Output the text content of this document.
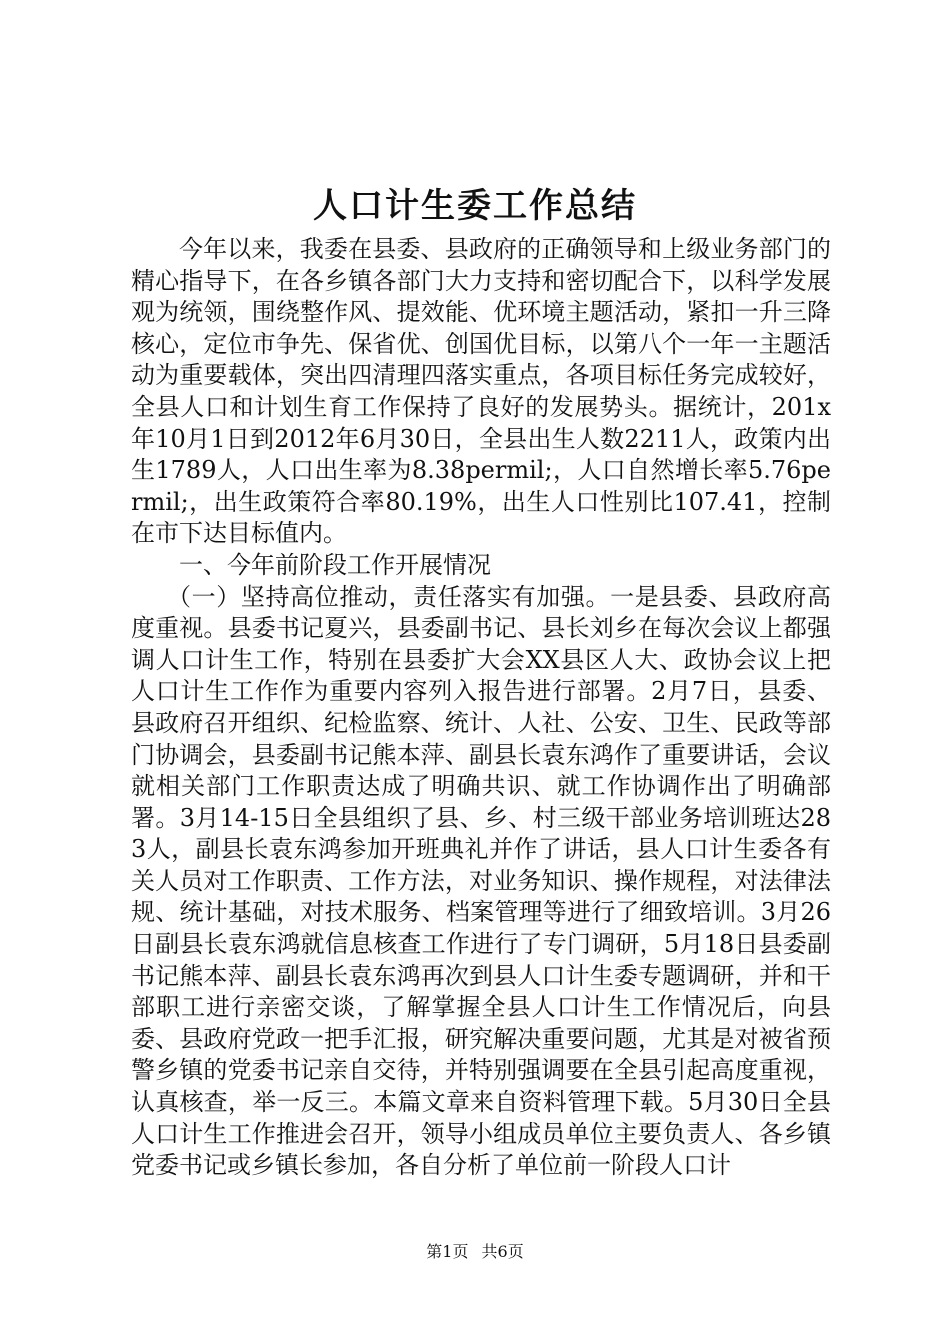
人口计生委工作总结

今年以来，我委在县委、县政府的正确领导和上级业务部门的精心指导下，在各乡镇各部门大力支持和密切配合下，以科学发展观为统领，围绕整作风、提效能、优环境主题活动，紧扣一升三降核心，定位市争先、保省优、创国优目标，以第八个一年一主题活动为重要载体，突出四清理四落实重点，各项目标任务完成较好，全县人口和计划生育工作保持了良好的发展势头。据统计，201x年10月1日到2012年6月30日，全县出生人数2211人，政策内出生1789人，人口出生率为8.38permil;，人口自然增长率5.76permil;，出生政策符合率80.19%，出生人口性别比107.41，控制在市下达目标值内。

一、今年前阶段工作开展情况

（一）坚持高位推动，责任落实有加强。一是县委、县政府高度重视。县委书记夏兴，县委副书记、县长刘乡在每次会议上都强调人口计生工作，特别在县委扩大会XX县区人大、政协会议上把人口计生工作作为重要内容列入报告进行部署。2月7日，县委、县政府召开组织、纪检监察、统计、人社、公安、卫生、民政等部门协调会，县委副书记熊本萍、副县长袁东鸿作了重要讲话，会议就相关部门工作职责达成了明确共识、就工作协调作出了明确部署。3月14-15日全县组织了县、乡、村三级干部业务培训班达283人，副县长袁东鸿参加开班典礼并作了讲话，县人口计生委各有关人员对工作职责、工作方法，对业务知识、操作规程，对法律法规、统计基础，对技术服务、档案管理等进行了细致培训。3月26日副县长袁东鸿就信息核查工作进行了专门调研，5月18日县委副书记熊本萍、副县长袁东鸿再次到县人口计生委专题调研，并和干部职工进行亲密交谈，了解掌握全县人口计生工作情况后，向县委、县政府党政一把手汇报，研究解决重要问题，尤其是对被省预警乡镇的党委书记亲自交待，并特别强调要在全县引起高度重视，认真核查，举一反三。本篇文章来自资料管理下载。5月30日全县人口计生工作推进会召开，领导小组成员单位主要负责人、各乡镇党委书记或乡镇长参加，各自分析了单位前一阶段人口计

第1页 共6页
